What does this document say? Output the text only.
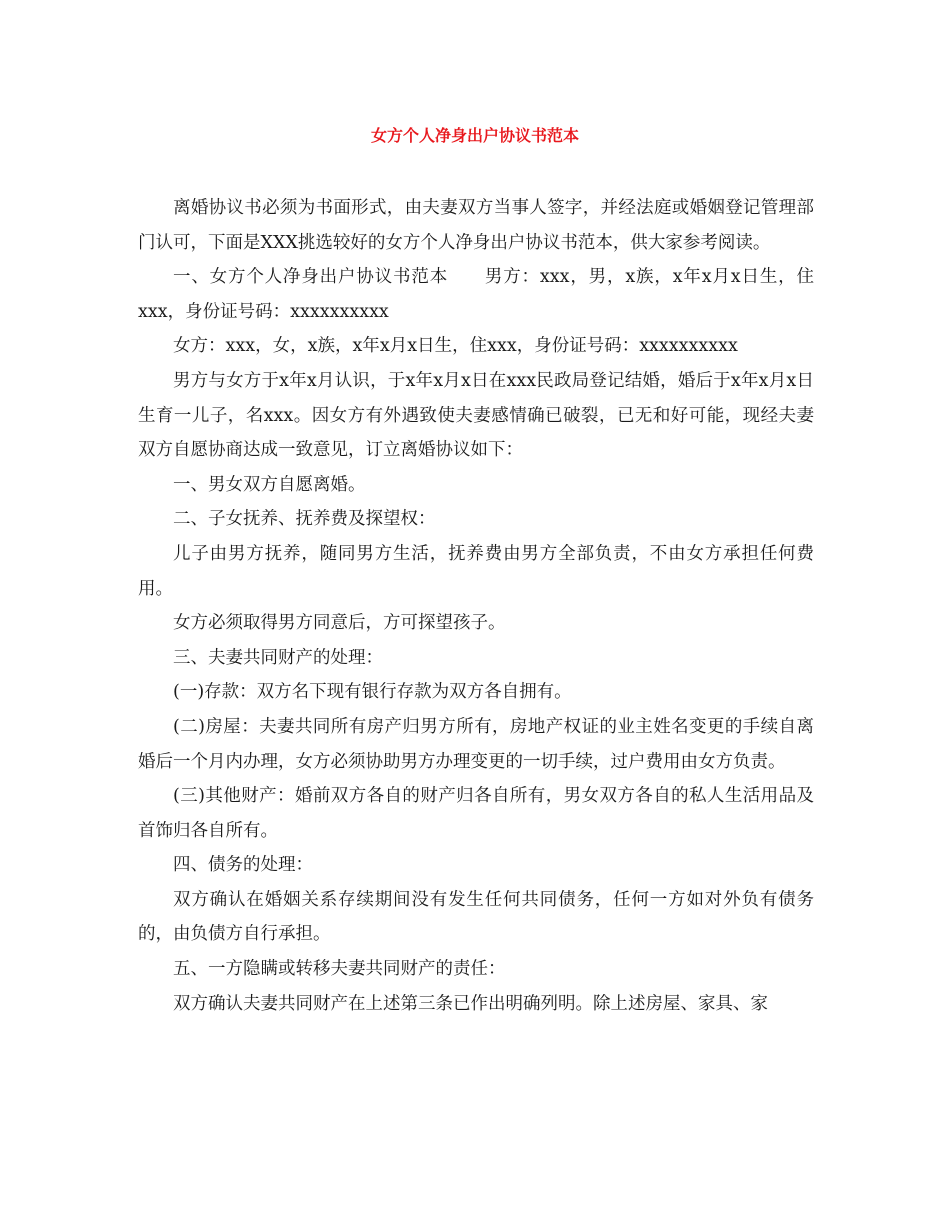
女方个人净身出户协议书范本

离婚协议书必须为书面形式，由夫妻双方当事人签字，并经法庭或婚姻登记管理部门认可，下面是XXX挑选较好的女方个人净身出户协议书范本，供大家参考阅读。

一、女方个人净身出户协议书范本 男方：xxx，男，x族，x年x月x日生，住xxx，身份证号码：xxxxxxxxxx

女方：xxx，女，x族，x年x月x日生，住xxx，身份证号码：xxxxxxxxxx

男方与女方于x年x月认识，于x年x月x日在xxx民政局登记结婚，婚后于x年x月x日生育一儿子，名xxx。因女方有外遇致使夫妻感情确已破裂，已无和好可能，现经夫妻双方自愿协商达成一致意见，订立离婚协议如下：

一、男女双方自愿离婚。

二、子女抚养、抚养费及探望权：

儿子由男方抚养，随同男方生活，抚养费由男方全部负责，不由女方承担任何费用。

女方必须取得男方同意后，方可探望孩子。

三、夫妻共同财产的处理：

(一)存款：双方名下现有银行存款为双方各自拥有。

(二)房屋：夫妻共同所有房产归男方所有，房地产权证的业主姓名变更的手续自离婚后一个月内办理，女方必须协助男方办理变更的一切手续，过户费用由女方负责。

(三)其他财产：婚前双方各自的财产归各自所有，男女双方各自的私人生活用品及首饰归各自所有。

四、债务的处理：

双方确认在婚姻关系存续期间没有发生任何共同债务，任何一方如对外负有债务的，由负债方自行承担。

五、一方隐瞒或转移夫妻共同财产的责任：

双方确认夫妻共同财产在上述第三条已作出明确列明。除上述房屋、家具、家
